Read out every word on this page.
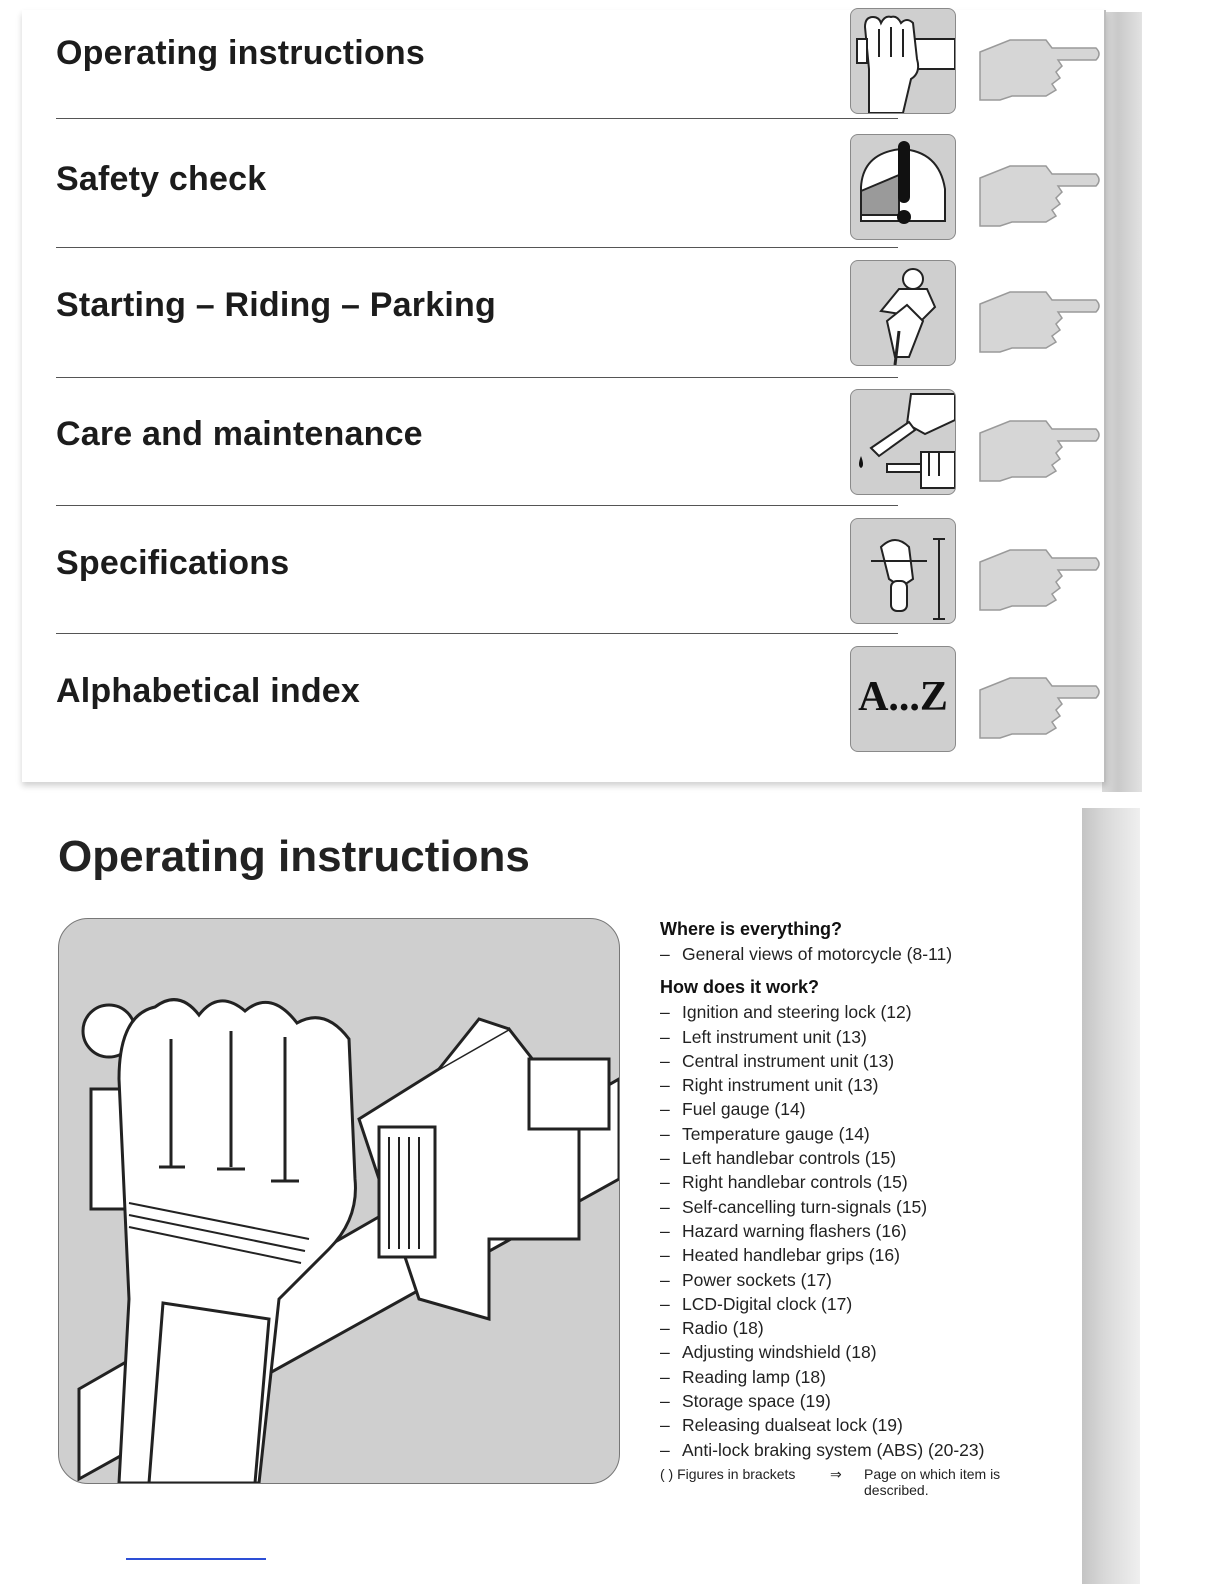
Operating instructions
Safety check
Starting – Riding – Parking
Care and maintenance
Specifications
Alphabetical index	A...Z
Operating instructions
Where is everything?
– General views of motorcycle (8-11)
How does it work?
– Ignition and steering lock (12)
– Left instrument unit (13)
– Central instrument unit (13)
– Right instrument unit (13)
– Fuel gauge (14)
– Temperature gauge (14)
– Left handlebar controls (15)
– Right handlebar controls (15)
– Self-cancelling turn-signals (15)
– Hazard warning flashers (16)
– Heated handlebar grips (16)
– Power sockets (17)
– LCD-Digital clock (17)
– Radio (18)
– Adjusting windshield (18)
– Reading lamp (18)
– Storage space (19)
– Releasing dualseat lock (19)
– Anti-lock braking system (ABS) (20-23)
( ) Figures in brackets ⇒ Page on which item is described.
